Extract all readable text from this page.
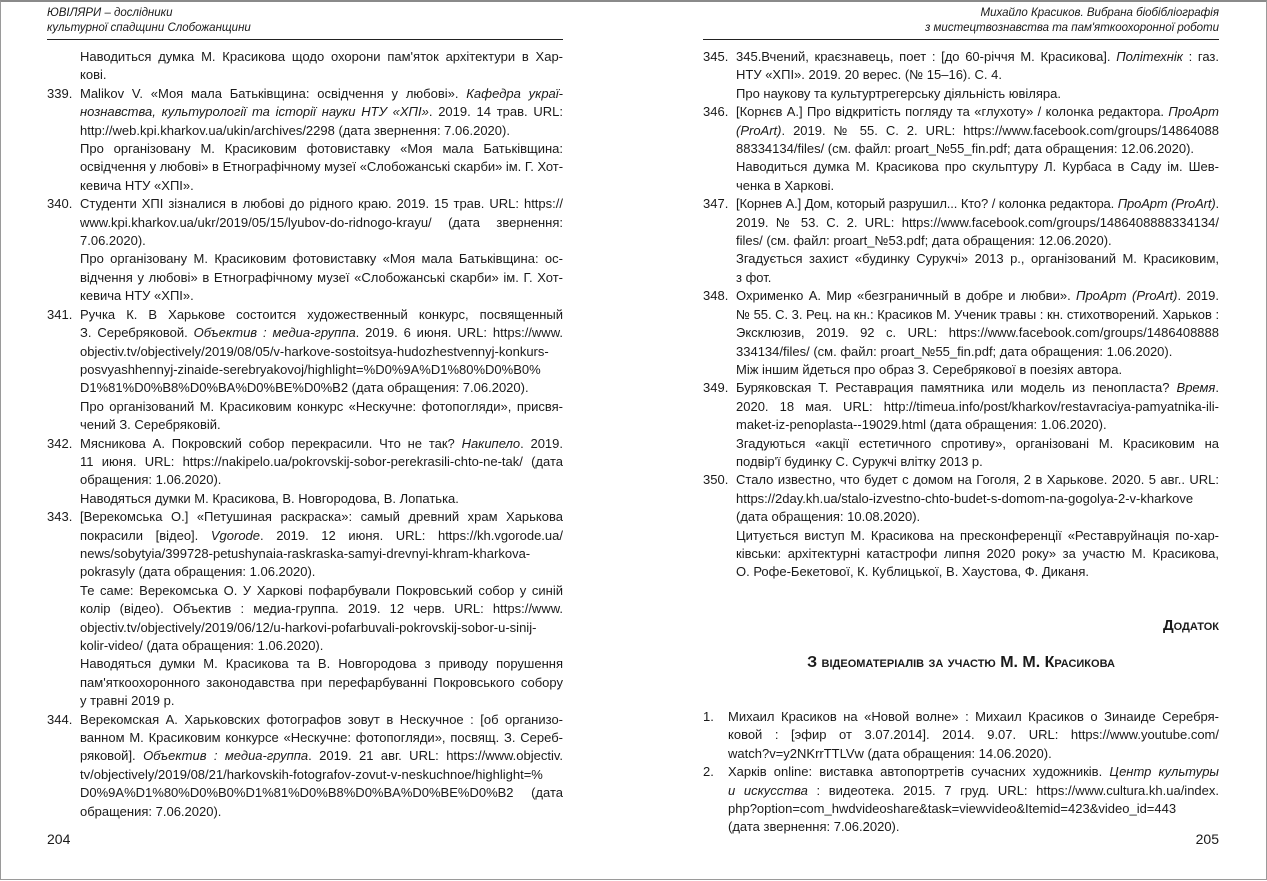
ЮВІЛЯРИ – дослідники
культурної спадщини Слобожанщини
Наводиться думка М. Красикова щодо охорони пам'яток архітектури в Хар-
кові.
339. Malikov V. «Моя мала Батьківщина: освідчення у любові». Кафедра украї-
нознавства, культурології та історії науки НТУ «ХПІ». 2019. 14 трав. URL:
http://web.kpi.kharkov.ua/ukin/archives/2298 (дата звернення: 7.06.2020).
Про організовану М. Красиковим фотовиставку «Моя мала Батьківщина:
освідчення у любові» в Етнографічному музеї «Слобожанські скарби» ім. Г. Хот-
кевича НТУ «ХПІ».
340. Студенти ХПІ зізналися в любові до рідного краю. 2019. 15 трав. URL: https://
www.kpi.kharkov.ua/ukr/2019/05/15/lyubov-do-ridnogo-krayu/ (дата звернення:
7.06.2020).
Про організовану М. Красиковим фотовиставку «Моя мала Батьківщина: ос-
відчення у любові» в Етнографічному музеї «Слобожанські скарби» ім. Г. Хот-
кевича НТУ «ХПІ».
341. Ручка К. В Харькове состоится художественный конкурс, посвященный
З. Серебряковой. Объектив : медиа-группа. 2019. 6 июня. URL: https://www.
objectiv.tv/objectively/2019/08/05/v-harkove-sostoitsya-hudozhestvennyj-konkurs-
posvyashhennyj-zinaide-serebryakovoj/highlight=%D0%9A%D1%80%D0%B0%
D1%81%D0%B8%D0%BA%D0%BE%D0%B2 (дата обращения: 7.06.2020).
Про організований М. Красиковим конкурс «Нескучне: фотопогляди», присвя-
чений З. Серебряковій.
342. Мясникова А. Покровский собор перекрасили. Что не так? Накипело. 2019.
11 июня. URL: https://nakipelo.ua/pokrovskij-sobor-perekrasili-chto-ne-tak/ (дата
обращения: 1.06.2020).
Наводяться думки М. Красикова, В. Новгородова, В. Лопатька.
343. [Верекомська О.] «Петушиная раскраска»: самый древний храм Харькова
покрасили [відео]. Vgorode. 2019. 12 июня. URL: https://kh.vgorode.ua/
news/sobytyia/399728-petushynaia-raskraska-samyi-drevnyi-khram-kharkova-
pokrasyly (дата обращения: 1.06.2020).
Те саме: Верекомська О. У Харкові пофарбували Покровський собор у синій
колір (відео). Объектив : медиа-группа. 2019. 12 черв. URL: https://www.
objectiv.tv/objectively/2019/06/12/u-harkovi-pofarbuvali-pokrovskij-sobor-u-sinij-
kolir-video/ (дата обращения: 1.06.2020).
Наводяться думки М. Красикова та В. Новгородова з приводу порушення
пам'яткоохоронного законодавства при перефарбуванні Покровського собору
у травні 2019 р.
344. Верекомская А. Харьковских фотографов зовут в Нескучное : [об организо-
ванном М. Красиковим конкурсе «Нескучне: фотопогляди», посвящ. З. Сереб-
ряковой]. Объектив : медиа-группа. 2019. 21 авг. URL: https://www.objectiv.
tv/objectively/2019/08/21/harkovskih-fotografov-zovut-v-neskuchnoe/highlight=%
D0%9A%D1%80%D0%B0%D1%81%D0%B8%D0%BA%D0%BE%D0%B2 (дата
обращения: 7.06.2020).
204
Михайло Красиков. Вибрана біобібліографія
з мистецтвознавства та пам'яткоохоронної роботи
345. 345.Вчений, краєзнавець, поет : [до 60-річчя М. Красикова]. Політехнік : газ.
НТУ «ХПІ». 2019. 20 верес. (№ 15–16). С. 4.
Про наукову та культуртрегерську діяльність ювіляра.
346. [Корнєв А.] Про відкритість погляду та «глухоту» / колонка редактора. ПроАрт
(ProArt). 2019. № 55. С. 2. URL: https://www.facebook.com/groups/14864088
88334134/files/ (см. файл: proart_№55_fin.pdf; дата обращения: 12.06.2020).
Наводиться думка М. Красикова про скульптуру Л. Курбаса в Саду ім. Шев-
ченка в Харкові.
347. [Корнев А.] Дом, который разрушил... Кто? / колонка редактора. ПроАрт (ProArt).
2019. № 53. С. 2. URL: https://www.facebook.com/groups/1486408888334134/
files/ (см. файл: proart_№53.pdf; дата обращения: 12.06.2020).
Згадується захист «будинку Сурукчі» 2013 р., організований М. Красиковим,
з фот.
348. Охрименко А. Мир «безграничный в добре и любви». ПроАрт (ProArt). 2019.
№ 55. С. 3. Рец. на кн.: Красиков М. Ученик травы : кн. стихотворений. Харьков :
Эксклюзив, 2019. 92 с. URL: https://www.facebook.com/groups/1486408888
334134/files/ (см. файл: proart_№55_fin.pdf; дата обращения: 1.06.2020).
Між іншим йдеться про образ З. Серебрякової в поезіях автора.
349. Буряковская Т. Реставрация памятника или модель из пенопласта? Время.
2020. 18 мая. URL: http://timeua.info/post/kharkov/restavraciya-pamyatnika-ili-
maket-iz-penoplasta--19029.html (дата обращения: 1.06.2020).
Згадуються «акції естетичного спротиву», організовані М. Красиковим на
подвір'ї будинку С. Сурукчі влітку 2013 р.
350. Стало известно, что будет с домом на Гоголя, 2 в Харькове. 2020. 5 авг.. URL:
https://2day.kh.ua/stalo-izvestno-chto-budet-s-domom-na-gogolya-2-v-kharkove
(дата обращения: 10.08.2020).
Цитується виступ М. Красикова на пресконференції «Реставруйнація по-хар-
ківськи: архітектурні катастрофи липня 2020 року» за участю М. Красикова,
О. Рофе-Бекетової, К. Кублицької, В. Хаустова, Ф. Диканя.
Додаток
З відеоматеріалів за участю М. М. Красикова
1. Михаил Красиков на «Новой волне» : Михаил Красиков о Зинаиде Серебря-
ковой : [эфир от 3.07.2014]. 2014. 9.07. URL: https://www.youtube.com/
watch?v=y2NKrrTTLVw (дата обращения: 14.06.2020).
2. Харків online: виставка автопортретів сучасних художників. Центр культуры
и искусства : видеотека. 2015. 7 груд. URL: https://www.cultura.kh.ua/index.
php?option=com_hwdvideoshare&task=viewvideo&Itemid=423&video_id=443
(дата звернення: 7.06.2020).
205
